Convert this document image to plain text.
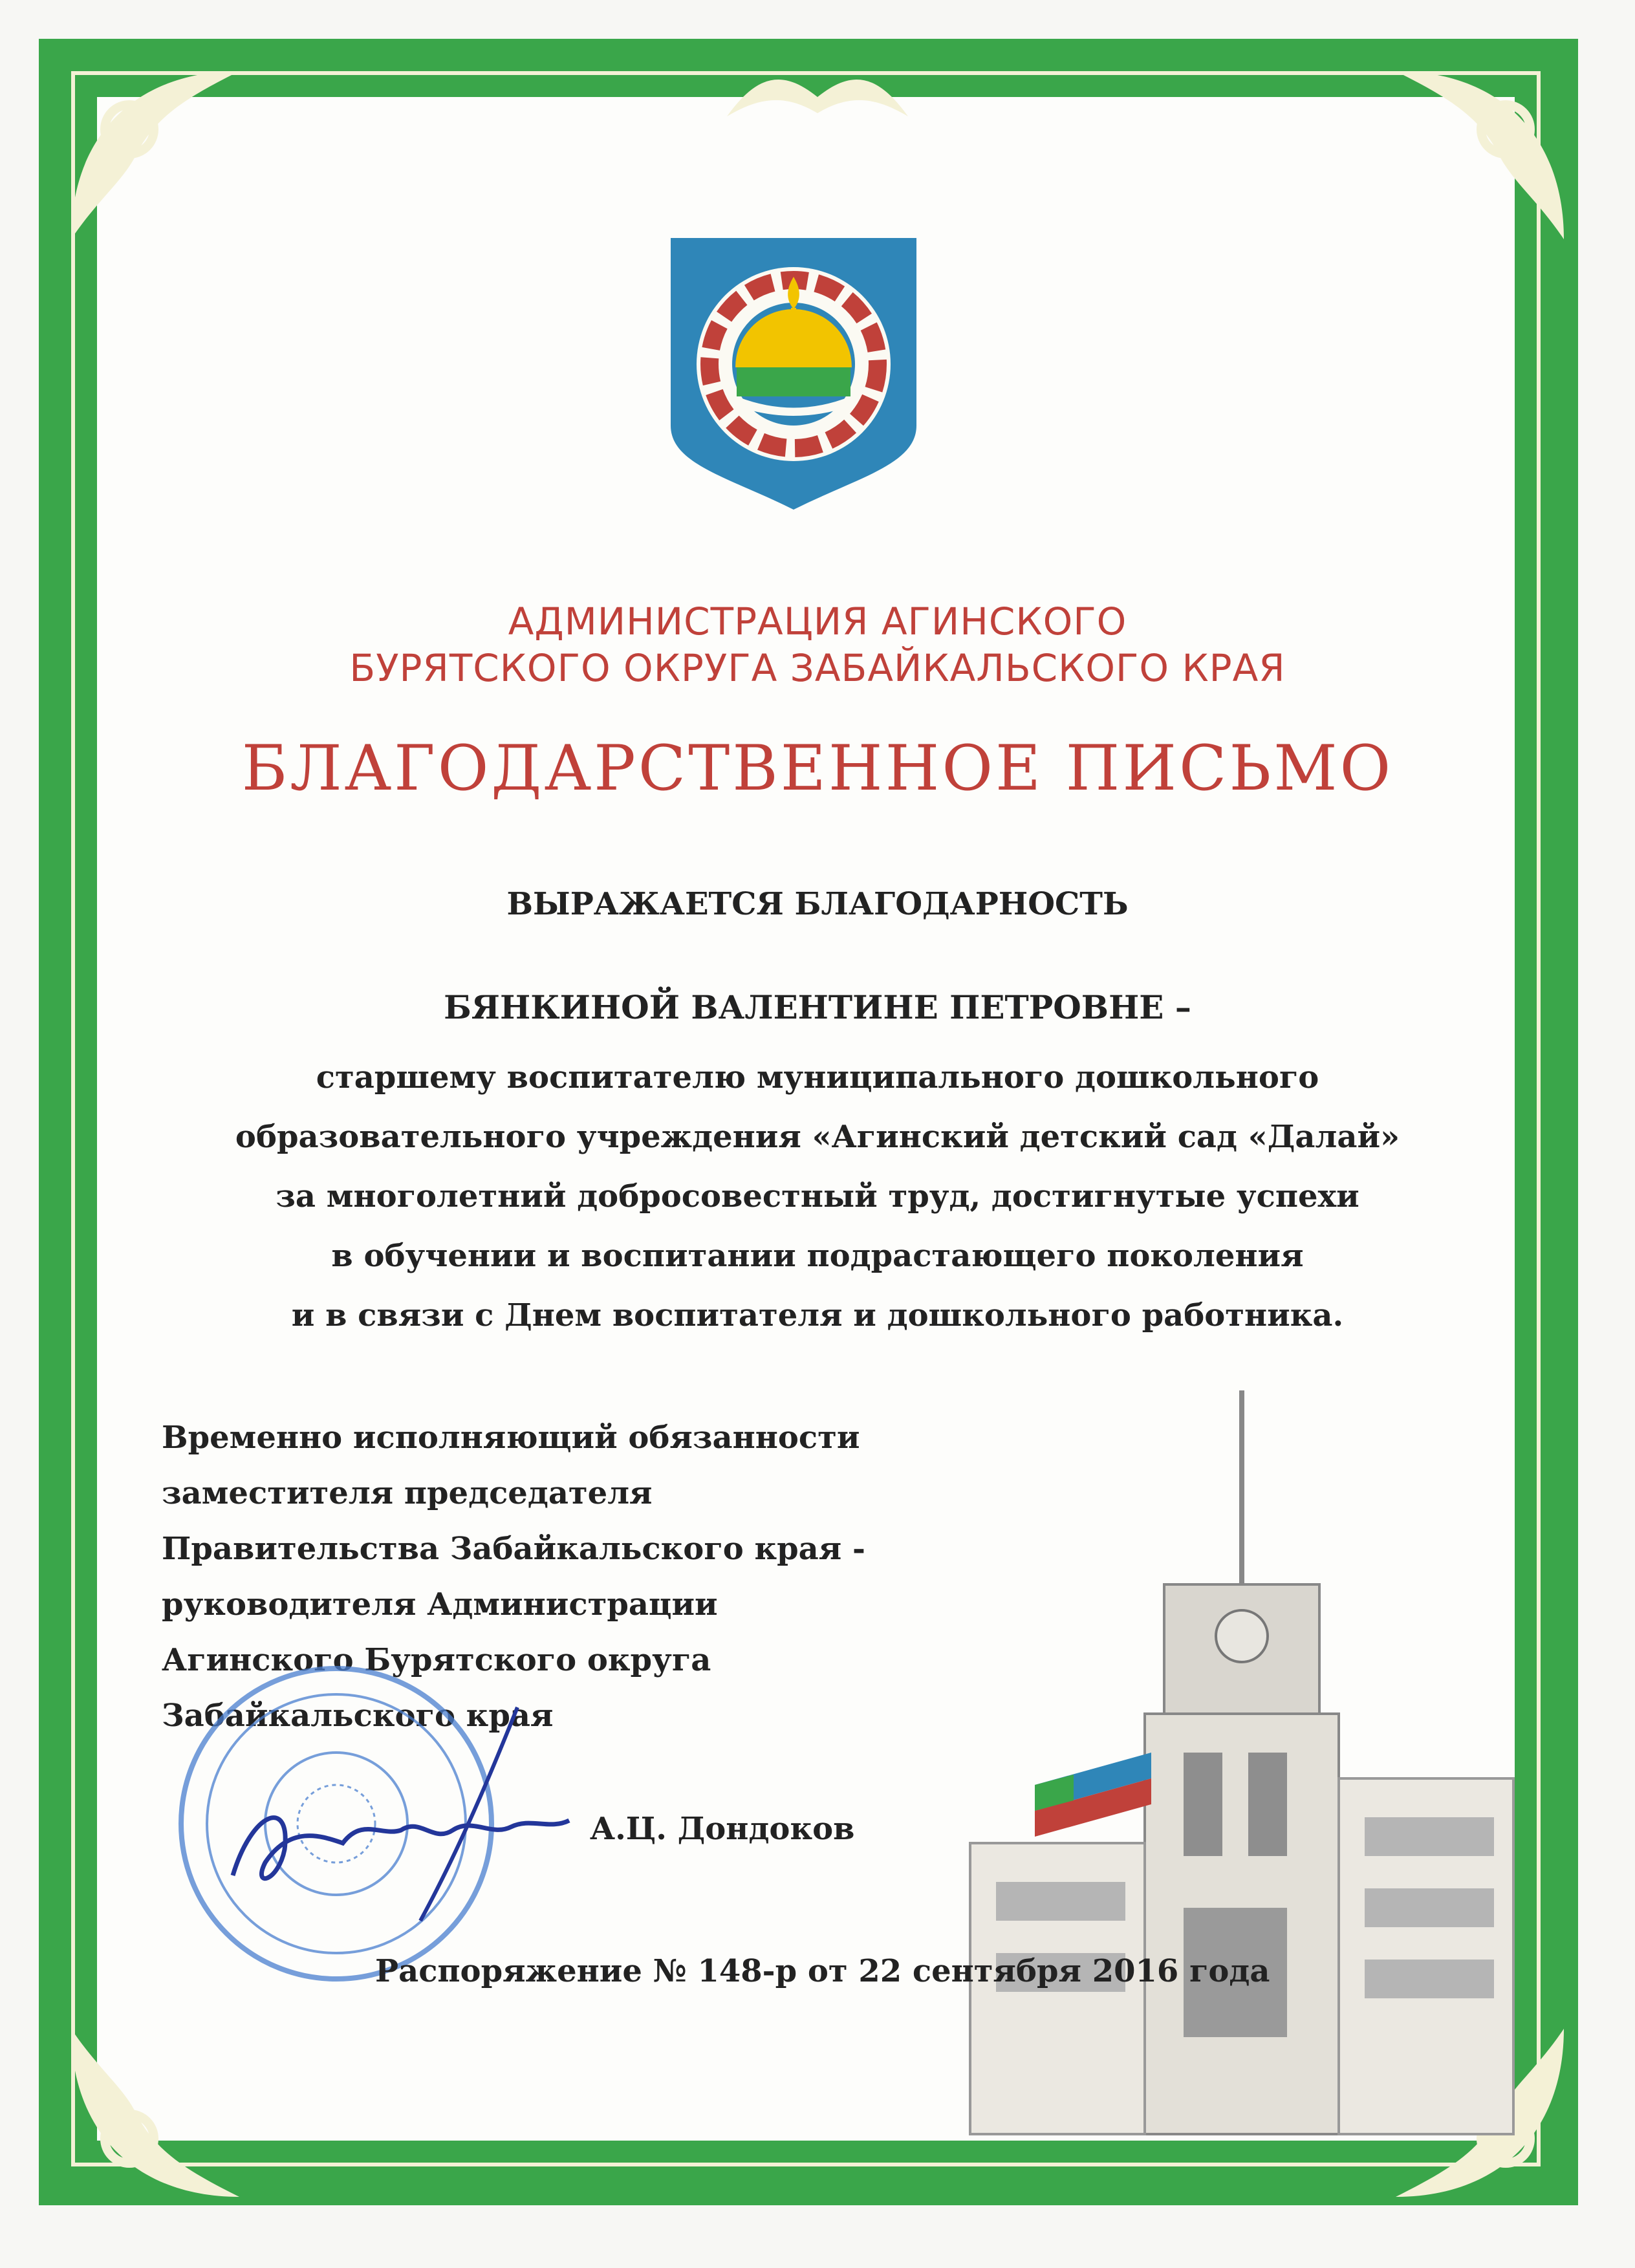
АДМИНИСТРАЦИЯ АГИНСКОГО
БУРЯТСКОГО ОКРУГА ЗАБАЙКАЛЬСКОГО КРАЯ
БЛАГОДАРСТВЕННОЕ ПИСЬМО
ВЫРАЖАЕТСЯ БЛАГОДАРНОСТЬ
БЯНКИНОЙ ВАЛЕНТИНЕ ПЕТРОВНЕ –
старшему воспитателю муниципального дошкольного
образовательного учреждения «Агинский детский сад «Далай»
за многолетний добросовестный труд, достигнутые успехи
в обучении и воспитании подрастающего поколения
и в связи с Днем воспитателя и дошкольного работника.
Временно исполняющий обязанности
заместителя председателя
Правительства Забайкальского края -
руководителя Администрации
Агинского Бурятского округа
Забайкальского края
А.Ц. Дондоков
Распоряжение № 148-р от 22 сентября 2016 года
